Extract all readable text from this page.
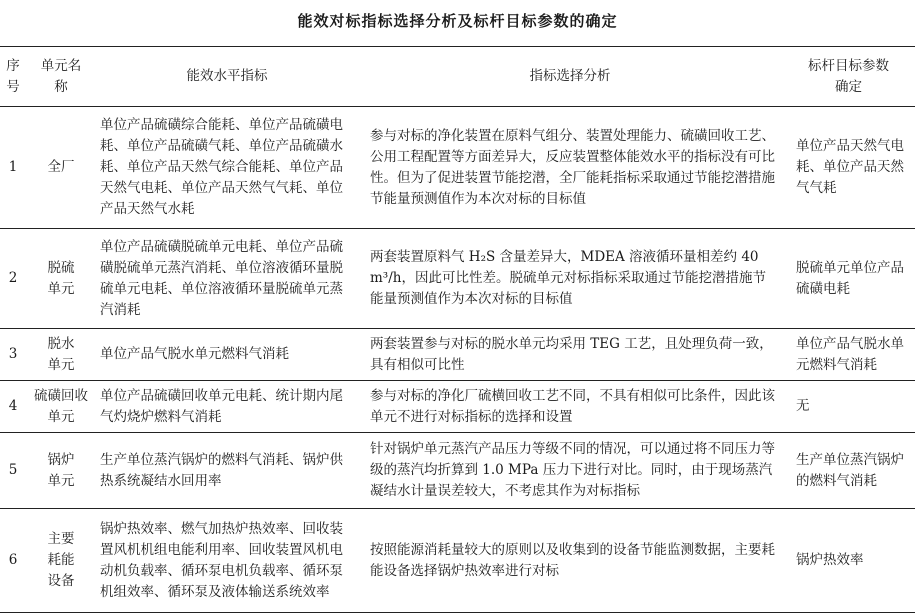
能效对标指标选择分析及标杆目标参数的确定
序号	单元名称	能效水平指标	指标选择分析	标杆目标参数确定
1	全厂	单位产品硫磺综合能耗、单位产品硫磺电耗、单位产品硫磺气耗、单位产品硫磺水耗、单位产品天然气综合能耗、单位产品天然气电耗、单位产品天然气气耗、单位产品天然气水耗	参与对标的净化装置在原料气组分、装置处理能力、硫磺回收工艺、公用工程配置等方面差异大，反应装置整体能效水平的指标没有可比性。但为了促进装置节能挖潜，全厂能耗指标采取通过节能挖潜措施节能量预测值作为本次对标的目标值	单位产品天然气电耗、单位产品天然气气耗
2	脱硫单元	单位产品硫磺脱硫单元电耗、单位产品硫磺脱硫单元蒸汽消耗、单位溶液循环量脱硫单元电耗、单位溶液循环量脱硫单元蒸汽消耗	两套装置原料气 H₂S 含量差异大，MDEA 溶液循环量相差约 40 m³/h，因此可比性差。脱硫单元对标指标采取通过节能挖潜措施节能量预测值作为本次对标的目标值	脱硫单元单位产品硫磺电耗
3	脱水单元	单位产品气脱水单元燃料气消耗	两套装置参与对标的脱水单元均采用 TEG 工艺，且处理负荷一致，具有相似可比性	单位产品气脱水单元燃料气消耗
4	硫磺回收单元	单位产品硫磺回收单元电耗、统计期内尾气灼烧炉燃料气消耗	参与对标的净化厂硫横回收工艺不同，不具有相似可比条件，因此该单元不进行对标指标的选择和设置	无
5	锅炉单元	生产单位蒸汽锅炉的燃料气消耗、锅炉供热系统凝结水回用率	针对锅炉单元蒸汽产品压力等级不同的情况，可以通过将不同压力等级的蒸汽均折算到 1.0 MPa 压力下进行对比。同时，由于现场蒸汽凝结水计量误差较大，不考虑其作为对标指标	生产单位蒸汽锅炉的燃料气消耗
6	主要耗能设备	锅炉热效率、燃气加热炉热效率、回收装置风机机组电能利用率、回收装置风机电动机负载率、循环泵电机负载率、循环泵机组效率、循环泵及液体输送系统效率	按照能源消耗量较大的原则以及收集到的设备节能监测数据，主要耗能设备选择锅炉热效率进行对标	锅炉热效率
